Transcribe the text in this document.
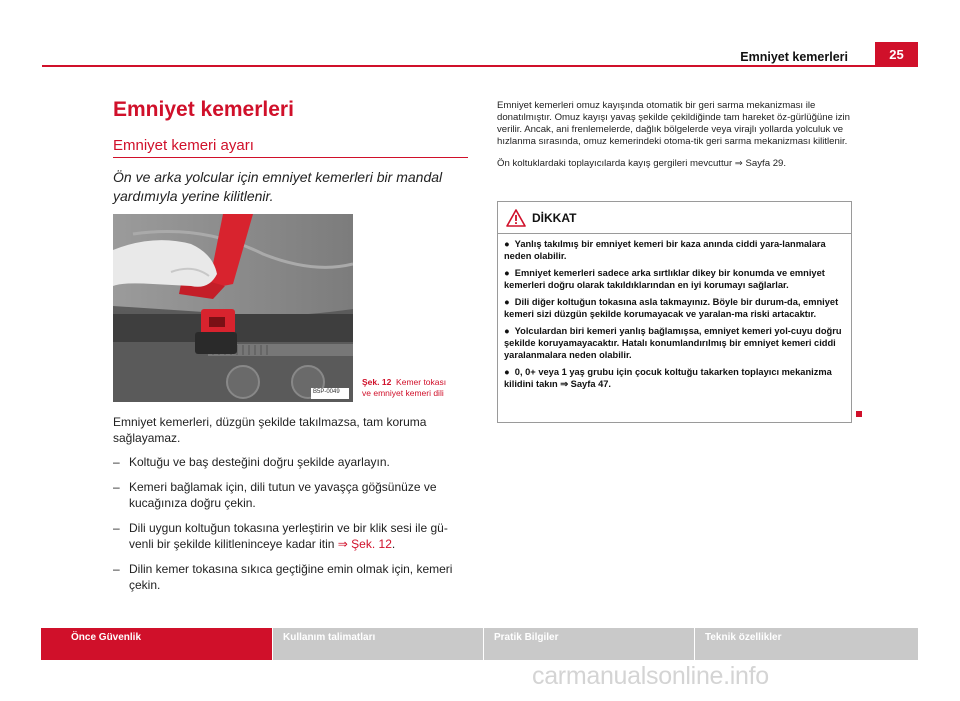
Emniyet kemerleri	25
Emniyet kemerleri
Emniyet kemeri ayarı
Ön ve arka yolcular için emniyet kemerleri bir mandal yardımıyla yerine kilitlenir.
B5P-0049
Şek. 12 Kemer tokası
ve emniyet kemeri dili

Emniyet kemerleri, düzgün şekilde takılmazsa, tam koruma sağlayamaz.

– Koltuğu ve baş desteğini doğru şekilde ayarlayın.
– Kemeri bağlamak için, dili tutun ve yavaşça göğsünüze ve kucağınıza doğru çekin.
– Dili uygun koltuğun tokasına yerleştirin ve bir klik sesi ile gü-venli bir şekilde kilitleninceye kadar itin ⇒ Şek. 12.
– Dilin kemer tokasına sıkıca geçtiğine emin olmak için, kemeri çekin.

Emniyet kemerleri omuz kayışında otomatik bir geri sarma mekanizması ile donatılmıştır. Omuz kayışı yavaş şekilde çekildiğinde tam hareket öz-gürlüğüne izin verilir. Ancak, ani frenlemelerde, dağlık bölgelerde veya virajlı yollarda yolculuk ve hızlanma sırasında, omuz kemerindeki otoma-tik geri sarma mekanizması kilitlenir.

Ön koltuklardaki toplayıcılarda kayış gergileri mevcuttur ⇒ Sayfa 29.

DİKKAT
● Yanlış takılmış bir emniyet kemeri bir kaza anında ciddi yara-lanmalara neden olabilir.
● Emniyet kemerleri sadece arka sırtlıklar dikey bir konumda ve emniyet kemerleri doğru olarak takıldıklarından en iyi korumayı sağlarlar.
● Dili diğer koltuğun tokasına asla takmayınız. Böyle bir durum-da, emniyet kemeri sizi düzgün şekilde korumayacak ve yaralan-ma riski artacaktır.
● Yolculardan biri kemeri yanlış bağlamışsa, emniyet kemeri yol-cuyu doğru şekilde koruyamayacaktır. Hatalı konumlandırılmış bir emniyet kemeri ciddi yaralanmalara neden olabilir.
● 0, 0+ veya 1 yaş grubu için çocuk koltuğu takarken toplayıcı mekanizma kilidini takın ⇒ Sayfa 47.
Önce Güvenlik	Kullanım talimatları	Pratik Bilgiler	Teknik özellikler
carmanualsonline.info
